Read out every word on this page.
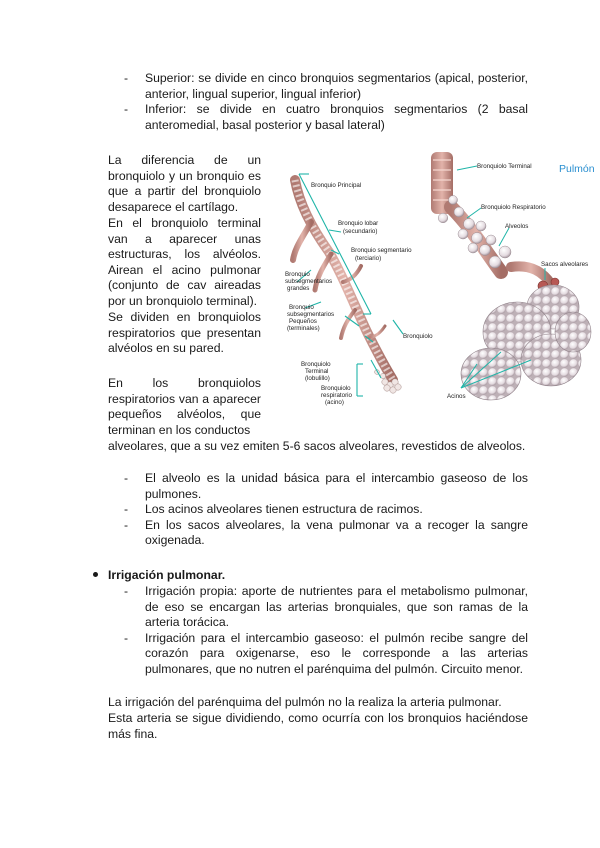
- Superior: se divide en cinco bronquios segmentarios (apical, posterior, anterior, lingual superior, lingual inferior)
- Inferior: se divide en cuatro bronquios segmentarios (2 basal anteromedial, basal posterior y basal lateral)

La diferencia de un bronquiolo y un bronquio es que a partir del bronquiolo desaparece el cartílago.

En el bronquiolo terminal van a aparecer unas estructuras, los alvéolos. Airean el acino pulmonar (conjunto de cav aireadas por un bronquiolo terminal).

Se dividen en bronquiolos respiratorios que presentan alvéolos en su pared.

En los bronquiolos respiratorios van a aparecer pequeños alvéolos, que terminan en los conductos

alveolares, que a su vez emiten 5-6 sacos alveolares, revestidos de alveolos.

Pulmón
Bronquio Principal
Bronquio lobar
(secundario)
Bronquio segmentario
(terciario)
Bronquio
subsegmentarios
grandes
Bronquio
subsegmentarios
Pequeños
(terminales)
Bronquiolo
Bronquiolo
Terminal
(lobulillo)
Bronquiolo
respiratorio
(acino)
Bronquiolo Terminal
Bronquiolo Respiratorio
Alveolos
Sacos alveolares
Acinos
- El alveolo es la unidad básica para el intercambio gaseoso de los pulmones.
- Los acinos alveolares tienen estructura de racimos.
- En los sacos alveolares, la vena pulmonar va a recoger la sangre oxigenada.
Irrigación pulmonar.
- Irrigación propia: aporte de nutrientes para el metabolismo pulmonar, de eso se encargan las arterias bronquiales, que son ramas de la arteria torácica.
- Irrigación para el intercambio gaseoso: el pulmón recibe sangre del corazón para oxigenarse, eso le corresponde a las arterias pulmonares, que no nutren el parénquima del pulmón. Circuito menor.

La irrigación del parénquima del pulmón no la realiza la arteria pulmonar.

Esta arteria se sigue dividiendo, como ocurría con los bronquios haciéndose más fina.
